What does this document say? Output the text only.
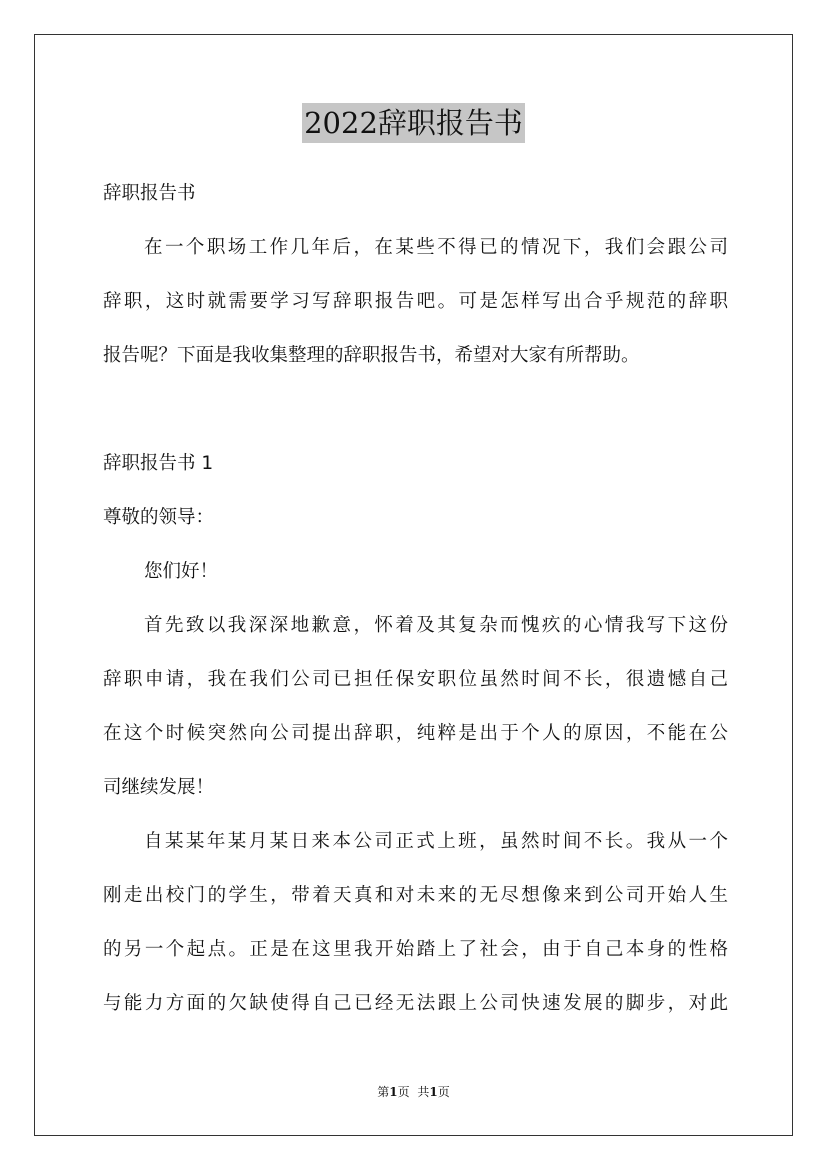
2022辞职报告书
辞职报告书
在一个职场工作几年后，在某些不得已的情况下，我们会跟公司
辞职，这时就需要学习写辞职报告吧。可是怎样写出合乎规范的辞职
报告呢？下面是我收集整理的辞职报告书，希望对大家有所帮助。
辞职报告书 1
尊敬的领导：
您们好！
首先致以我深深地歉意，怀着及其复杂而愧疚的心情我写下这份
辞职申请，我在我们公司已担任保安职位虽然时间不长，很遗憾自己
在这个时候突然向公司提出辞职，纯粹是出于个人的原因，不能在公
司继续发展！
自某某年某月某日来本公司正式上班，虽然时间不长。我从一个
刚走出校门的学生，带着天真和对未来的无尽想像来到公司开始人生
的另一个起点。正是在这里我开始踏上了社会，由于自己本身的性格
与能力方面的欠缺使得自己已经无法跟上公司快速发展的脚步，对此
第1页 共1页
